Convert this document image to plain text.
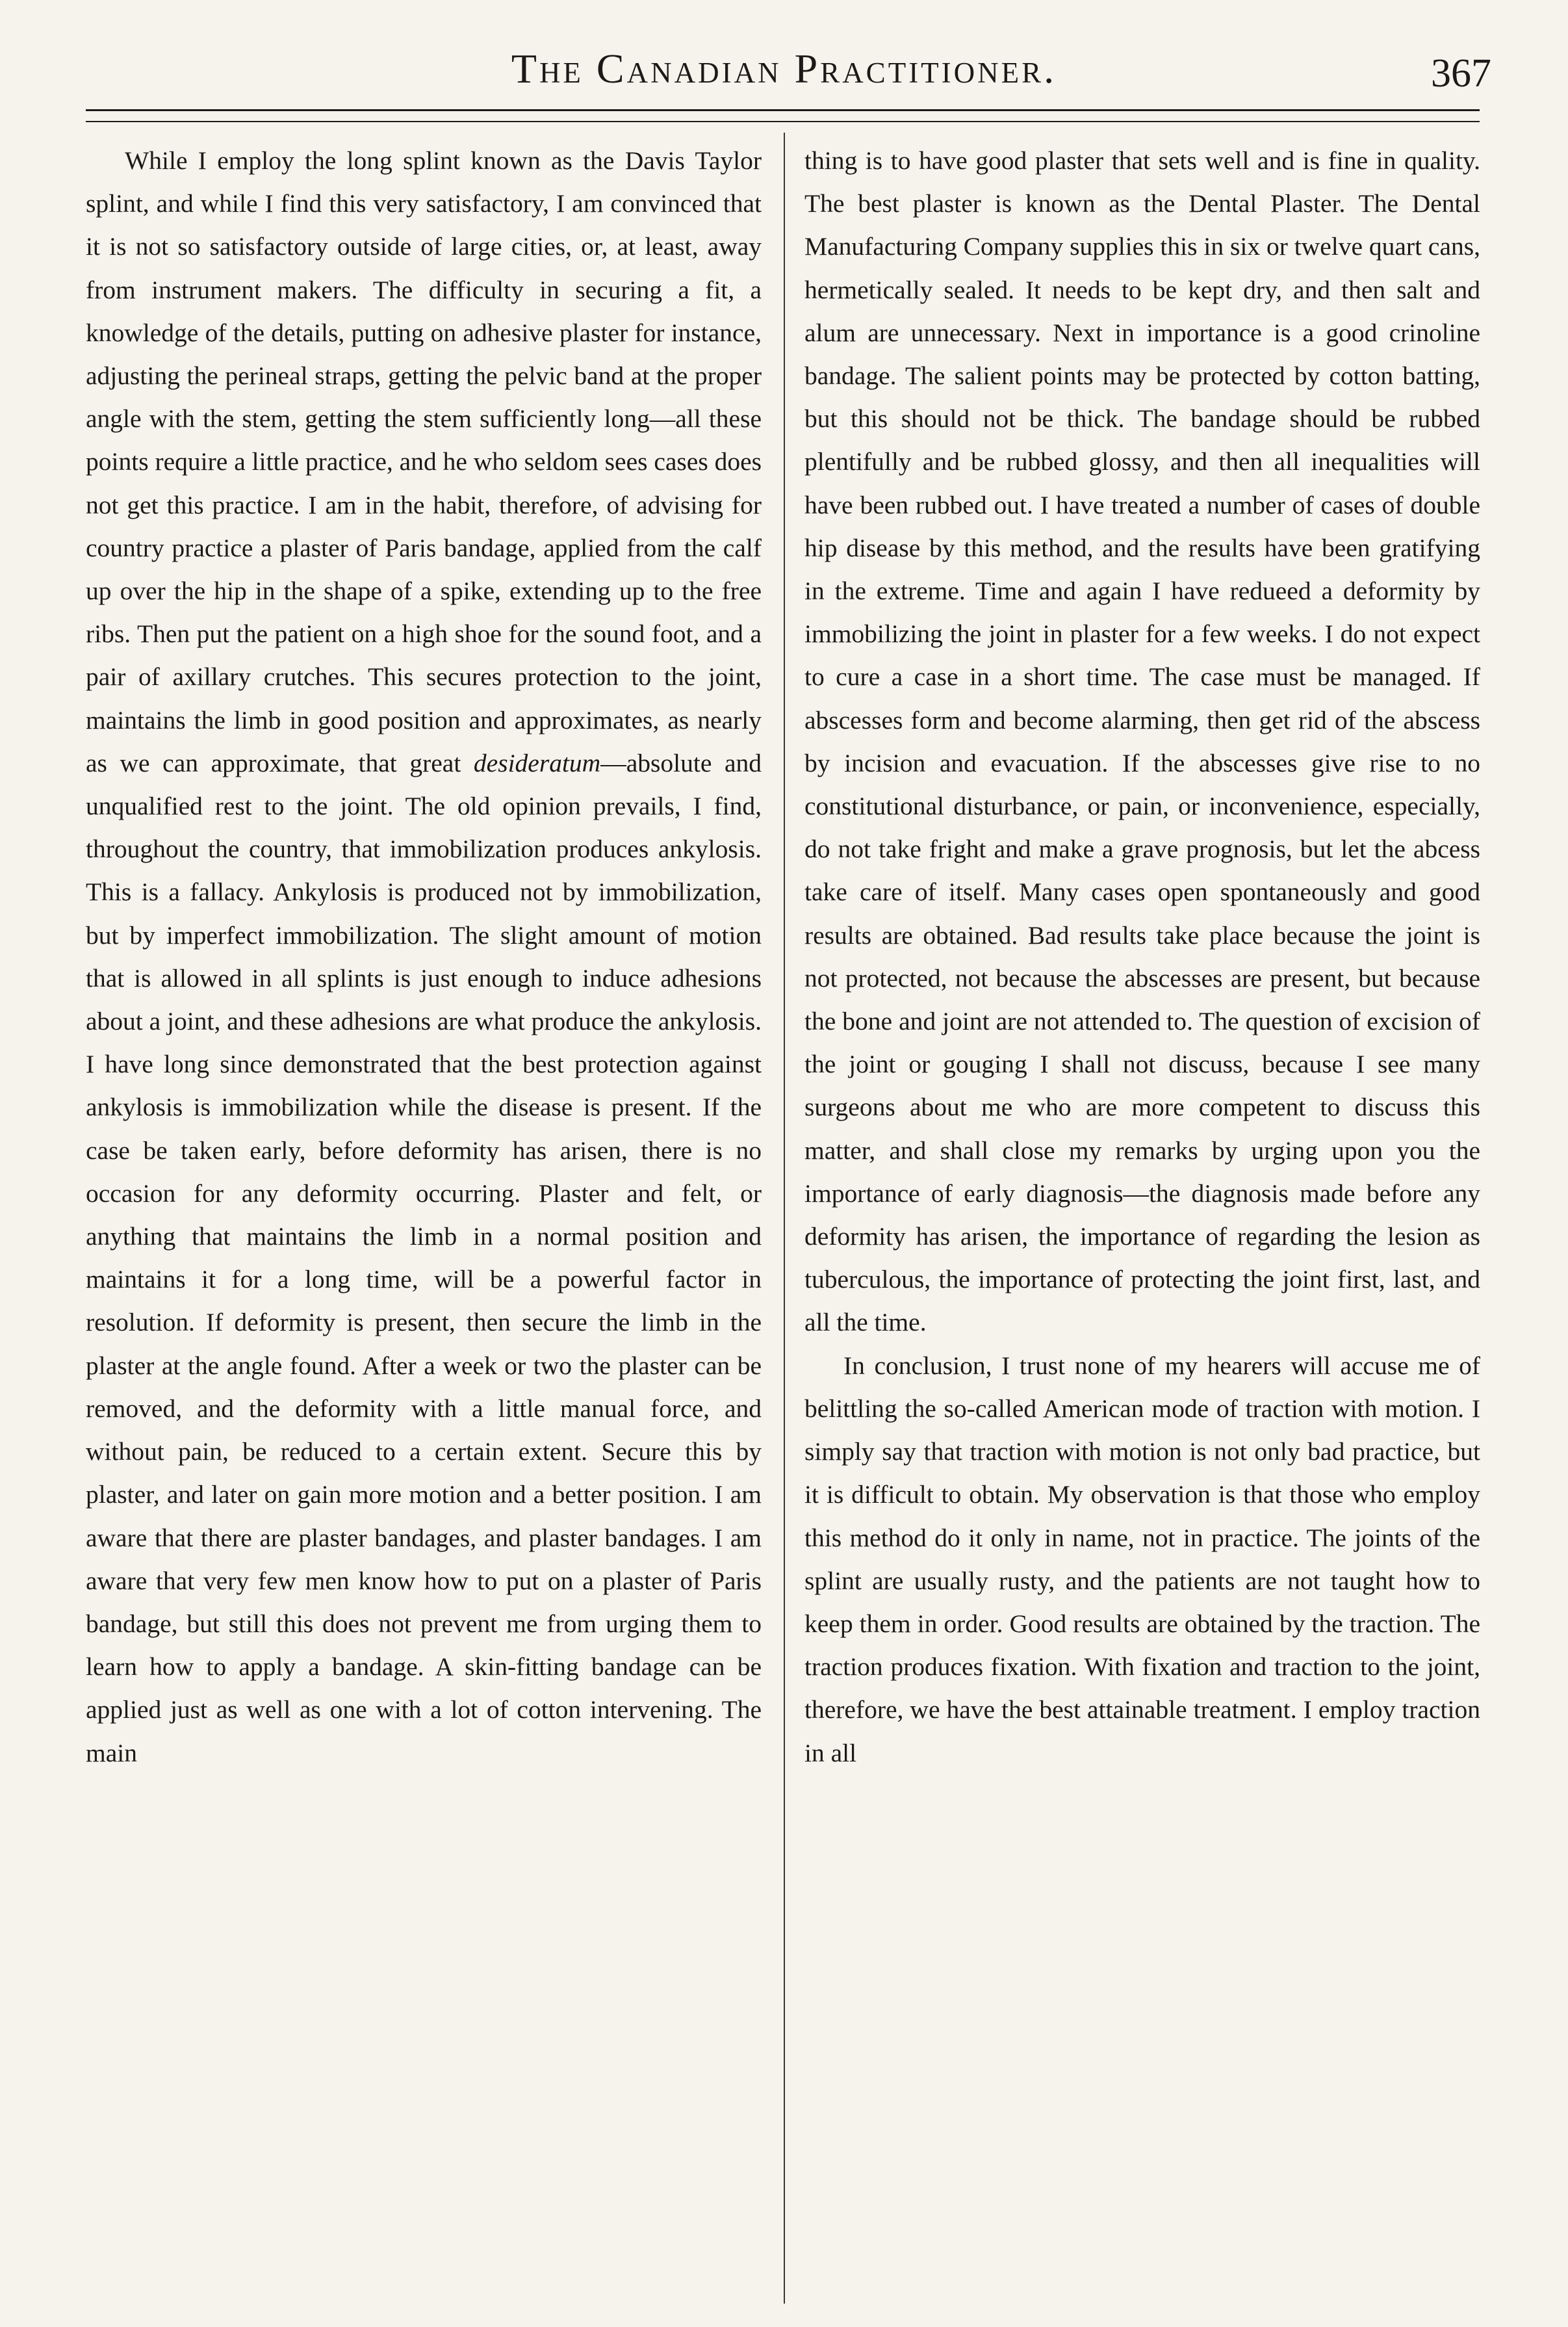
The Canadian Practitioner.	367

While I employ the long splint known as the Davis Taylor splint, and while I find this very satisfactory, I am convinced that it is not so satisfactory outside of large cities, or, at least, away from instrument makers. The difficulty in securing a fit, a knowledge of the details, putting on adhesive plaster for instance, adjusting the perineal straps, getting the pelvic band at the proper angle with the stem, getting the stem sufficiently long—all these points require a little practice, and he who seldom sees cases does not get this practice. I am in the habit, therefore, of advising for country practice a plaster of Paris bandage, applied from the calf up over the hip in the shape of a spike, extending up to the free ribs. Then put the patient on a high shoe for the sound foot, and a pair of axillary crutches. This secures protection to the joint, maintains the limb in good position and approximates, as nearly as we can approximate, that great desideratum—absolute and unqualified rest to the joint. The old opinion prevails, I find, throughout the country, that immobilization produces ankylosis. This is a fallacy. Ankylosis is produced not by immobilization, but by imperfect immobilization. The slight amount of motion that is allowed in all splints is just enough to induce adhesions about a joint, and these adhesions are what produce the ankylosis. I have long since demonstrated that the best protection against ankylosis is immobilization while the disease is present. If the case be taken early, before deformity has arisen, there is no occasion for any deformity occurring. Plaster and felt, or anything that maintains the limb in a normal position and maintains it for a long time, will be a powerful factor in resolution. If deformity is present, then secure the limb in the plaster at the angle found. After a week or two the plaster can be removed, and the deformity with a little manual force, and without pain, be reduced to a certain extent. Secure this by plaster, and later on gain more motion and a better position. I am aware that there are plaster bandages, and plaster bandages. I am aware that very few men know how to put on a plaster of Paris bandage, but still this does not prevent me from urging them to learn how to apply a bandage. A skin-fitting bandage can be applied just as well as one with a lot of cotton intervening. The main

thing is to have good plaster that sets well and is fine in quality. The best plaster is known as the Dental Plaster. The Dental Manufacturing Company supplies this in six or twelve quart cans, hermetically sealed. It needs to be kept dry, and then salt and alum are unnecessary. Next in importance is a good crinoline bandage. The salient points may be protected by cotton batting, but this should not be thick. The bandage should be rubbed plentifully and be rubbed glossy, and then all inequalities will have been rubbed out. I have treated a number of cases of double hip disease by this method, and the results have been gratifying in the extreme. Time and again I have redueed a deformity by immobilizing the joint in plaster for a few weeks. I do not expect to cure a case in a short time. The case must be managed. If abscesses form and become alarming, then get rid of the abscess by incision and evacuation. If the abscesses give rise to no constitutional disturbance, or pain, or inconvenience, especially, do not take fright and make a grave prognosis, but let the abcess take care of itself. Many cases open spontaneously and good results are obtained. Bad results take place because the joint is not protected, not because the abscesses are present, but because the bone and joint are not attended to. The question of excision of the joint or gouging I shall not discuss, because I see many surgeons about me who are more competent to discuss this matter, and shall close my remarks by urging upon you the importance of early diagnosis—the diagnosis made before any deformity has arisen, the importance of regarding the lesion as tuberculous, the importance of protecting the joint first, last, and all the time.

In conclusion, I trust none of my hearers will accuse me of belittling the so-called American mode of traction with motion. I simply say that traction with motion is not only bad practice, but it is difficult to obtain. My observation is that those who employ this method do it only in name, not in practice. The joints of the splint are usually rusty, and the patients are not taught how to keep them in order. Good results are obtained by the traction. The traction produces fixation. With fixation and traction to the joint, therefore, we have the best attainable treatment. I employ traction in all
